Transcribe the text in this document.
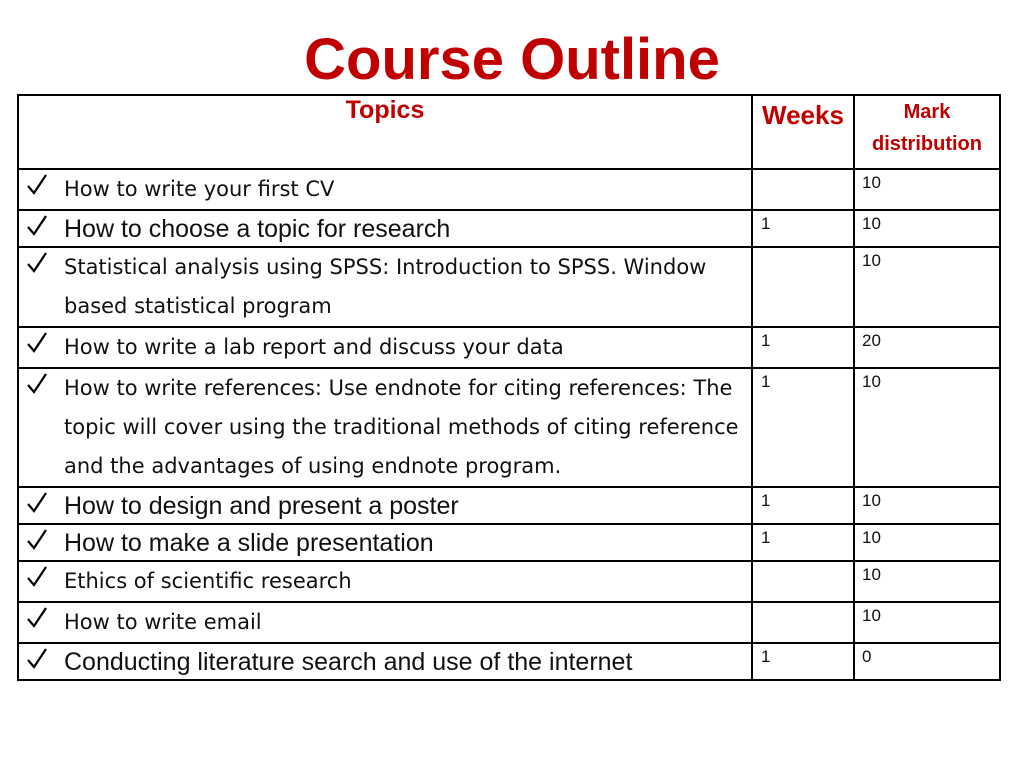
Course Outline
Topics	Weeks	Mark distribution

How to write your first CV		10

How to choose a topic for research	1	10

Statistical analysis using SPSS: Introduction to SPSS. Window based statistical program		10

How to write a lab report and discuss your data	1	20

How to write references: Use endnote for citing references: The topic will cover using the traditional methods of citing reference and the advantages of using endnote program.	1	10

How to design and present a poster	1	10

How to make a slide presentation	1	10

Ethics of scientific research		10

How to write email		10

Conducting literature search and use of the internet	1	0
